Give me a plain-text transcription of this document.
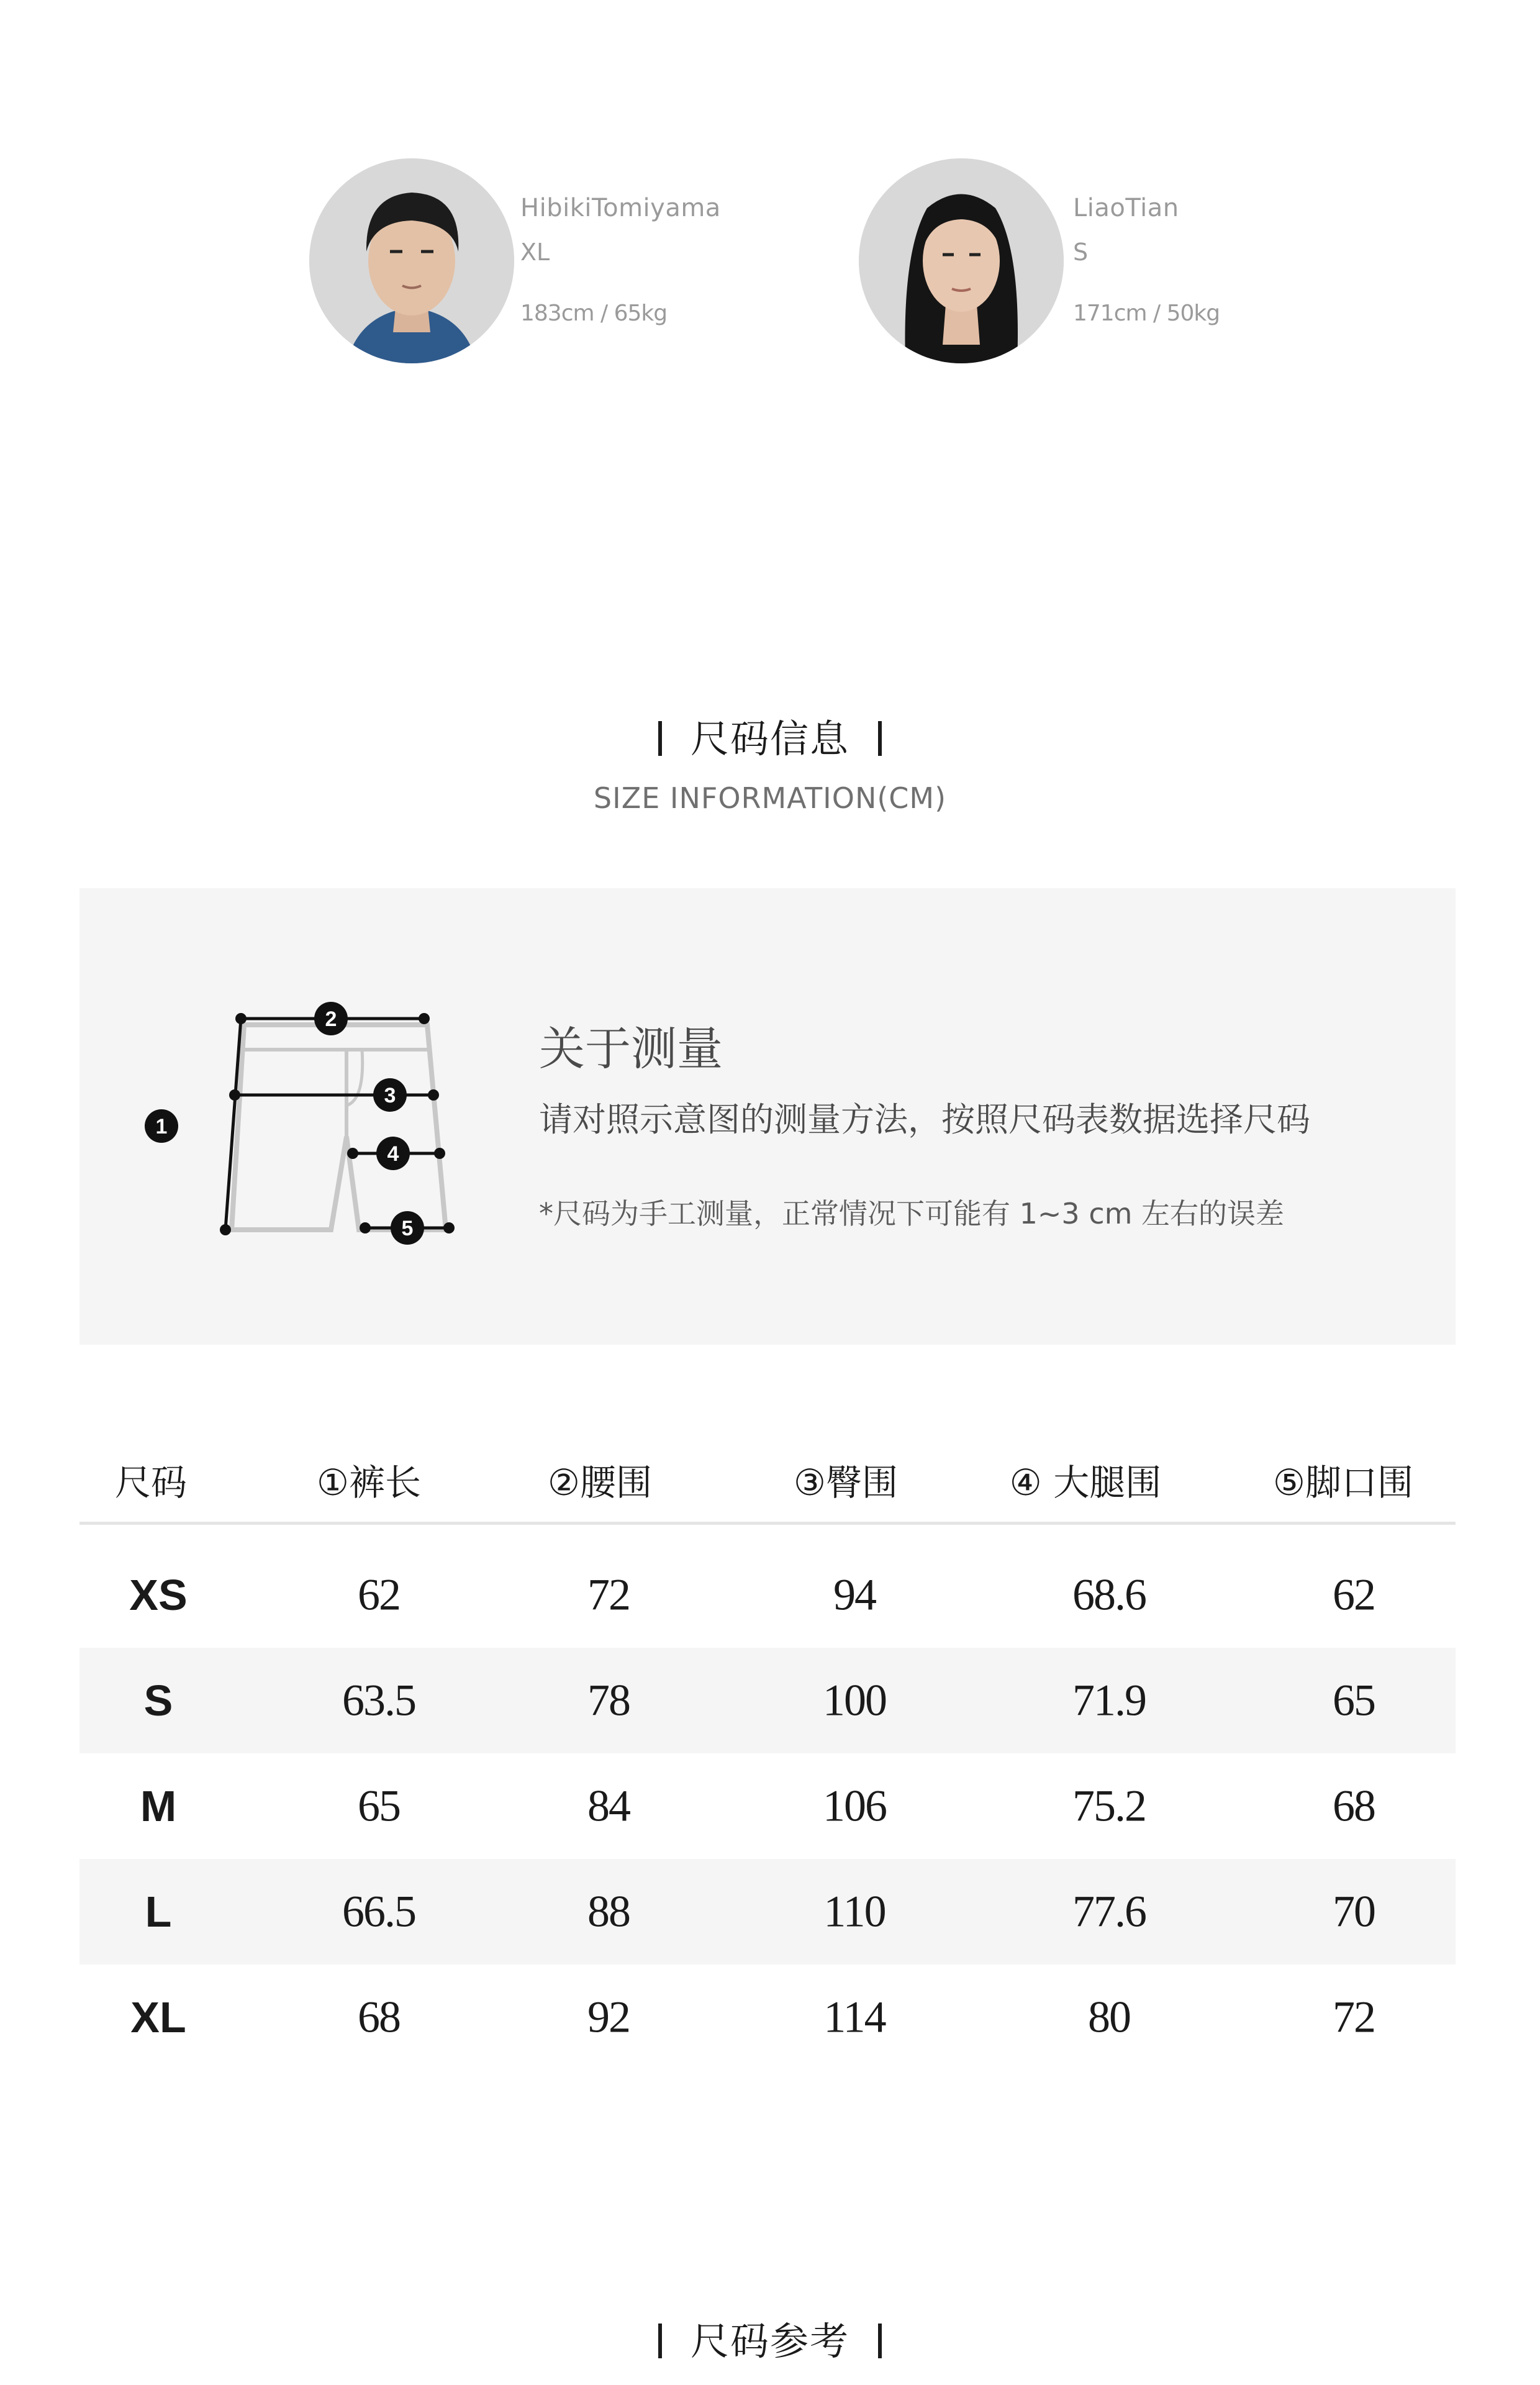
HibikiTomiyama
XL
183cm / 65kg
LiaoTian
S
171cm / 50kg
尺码信息
SIZE INFORMATION(CM)
1
2
3
4
5
关于测量
请对照示意图的测量方法，按照尺码表数据选择尺码
*尺码为手工测量，正常情况下可能有 1~3 cm 左右的误差
尺码	①裤长	②腰围	③臀围	④ 大腿围	⑤脚口围
XS	62	72	94	68.6	62
S	63.5	78	100	71.9	65
M	65	84	106	75.2	68
L	66.5	88	110	77.6	70
XL	68	92	114	80	72
尺码参考
